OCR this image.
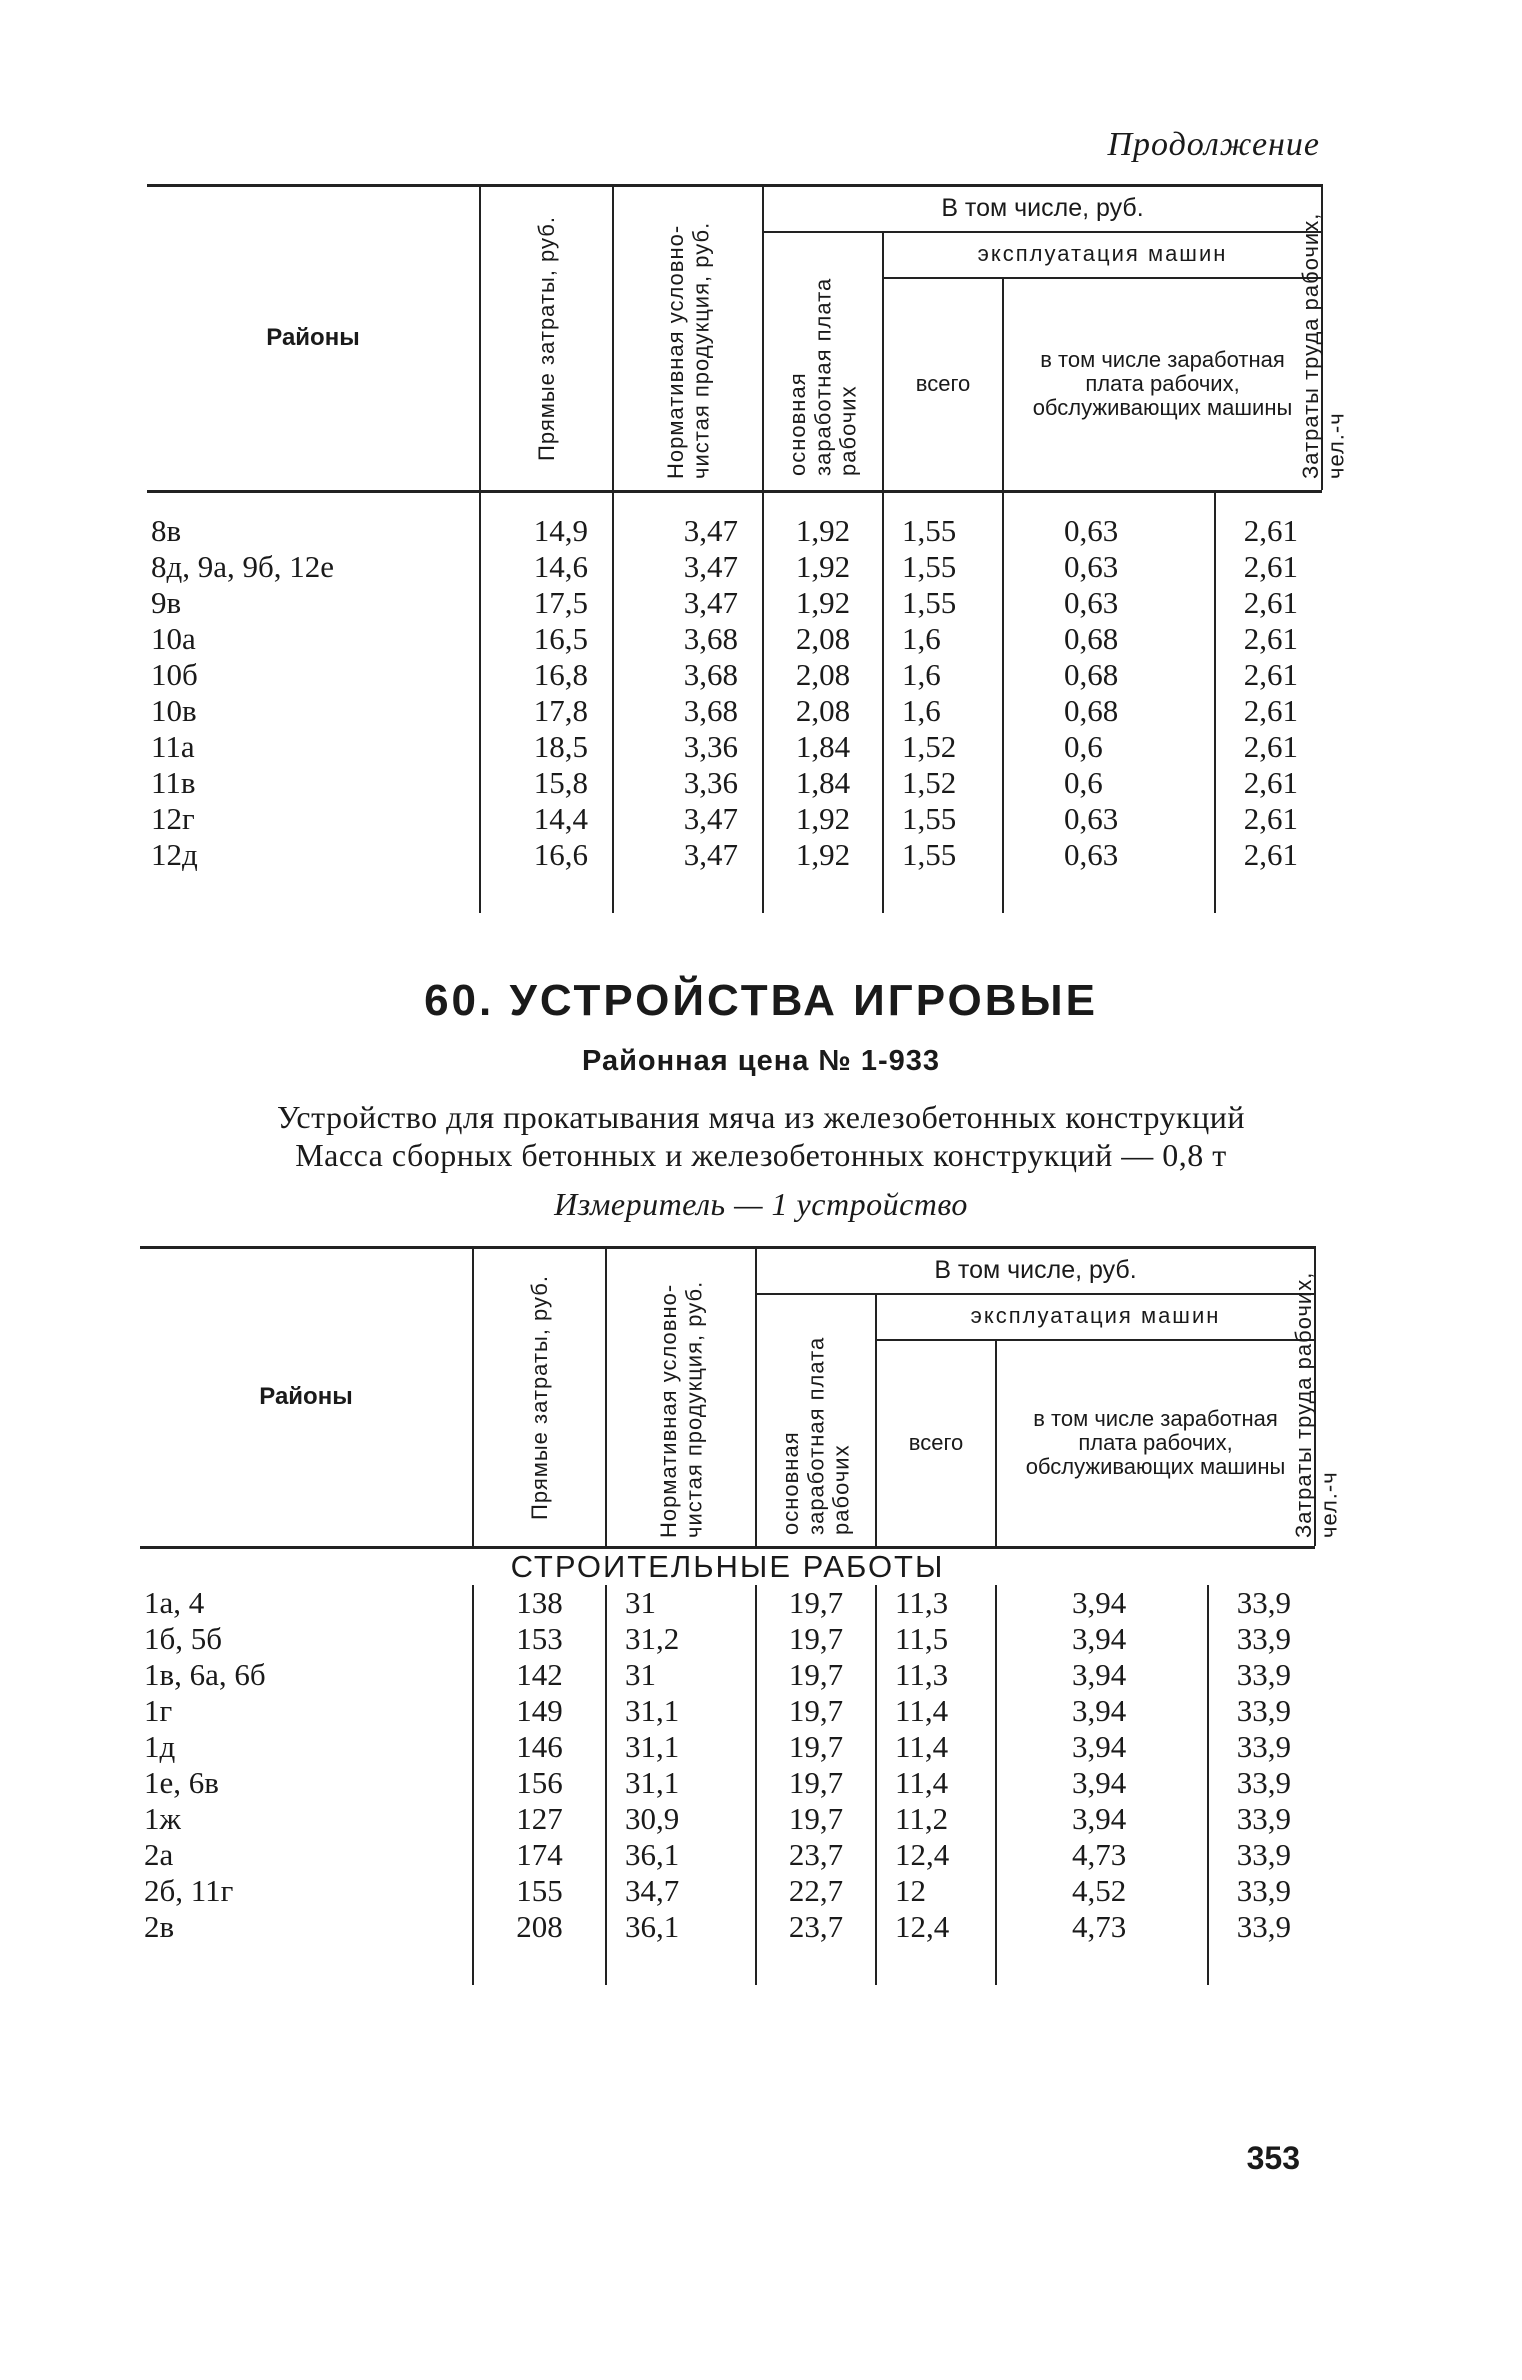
Продолжение
Районы	Прямые затраты, руб.	Нормативная условно-чистая продукция, руб.	В том числе, руб.				Затраты труда рабочих, чел.-ч

			основная заработная плата рабочих	эксплуатация машин			
				всего	в том числе заработная плата рабочих, обслуживающих машины		

8в	14,9	3,47	1,92	1,55	0,63	2,61	
8д, 9а, 9б, 12е	14,6	3,47	1,92	1,55	0,63	2,61	
9в	17,5	3,47	1,92	1,55	0,63	2,61	
10а	16,5	3,68	2,08	1,6	0,68	2,61	
10б	16,8	3,68	2,08	1,6	0,68	2,61	
10в	17,8	3,68	2,08	1,6	0,68	2,61	
11а	18,5	3,36	1,84	1,52	0,6	2,61	
11в	15,8	3,36	1,84	1,52	0,6	2,61	
12г	14,4	3,47	1,92	1,55	0,63	2,61	
12д	16,6	3,47	1,92	1,55	0,63	2,61	

60. УСТРОЙСТВА ИГРОВЫЕ
Районная цена № 1-933
Устройство для прокатывания мяча из железобетонных конструкций
Масса сборных бетонных и железобетонных конструкций — 0,8 т
Измеритель — 1 устройство
Районы	Прямые затраты, руб.	Нормативная условно-чистая продукция, руб.	В том числе, руб.				Затраты труда рабочих, чел.-ч

			основная заработная плата рабочих	эксплуатация машин			
				всего	в том числе заработная плата рабочих, обслуживающих машины		

СТРОИТЕЛЬНЫЕ РАБОТЫ							
1а, 4	138	31	19,7	11,3	3,94	33,9	
1б, 5б	153	31,2	19,7	11,5	3,94	33,9	
1в, 6а, 6б	142	31	19,7	11,3	3,94	33,9	
1г	149	31,1	19,7	11,4	3,94	33,9	
1д	146	31,1	19,7	11,4	3,94	33,9	
1е, 6в	156	31,1	19,7	11,4	3,94	33,9	
1ж	127	30,9	19,7	11,2	3,94	33,9	
2а	174	36,1	23,7	12,4	4,73	33,9	
2б, 11г	155	34,7	22,7	12	4,52	33,9	
2в	208	36,1	23,7	12,4	4,73	33,9	

353
